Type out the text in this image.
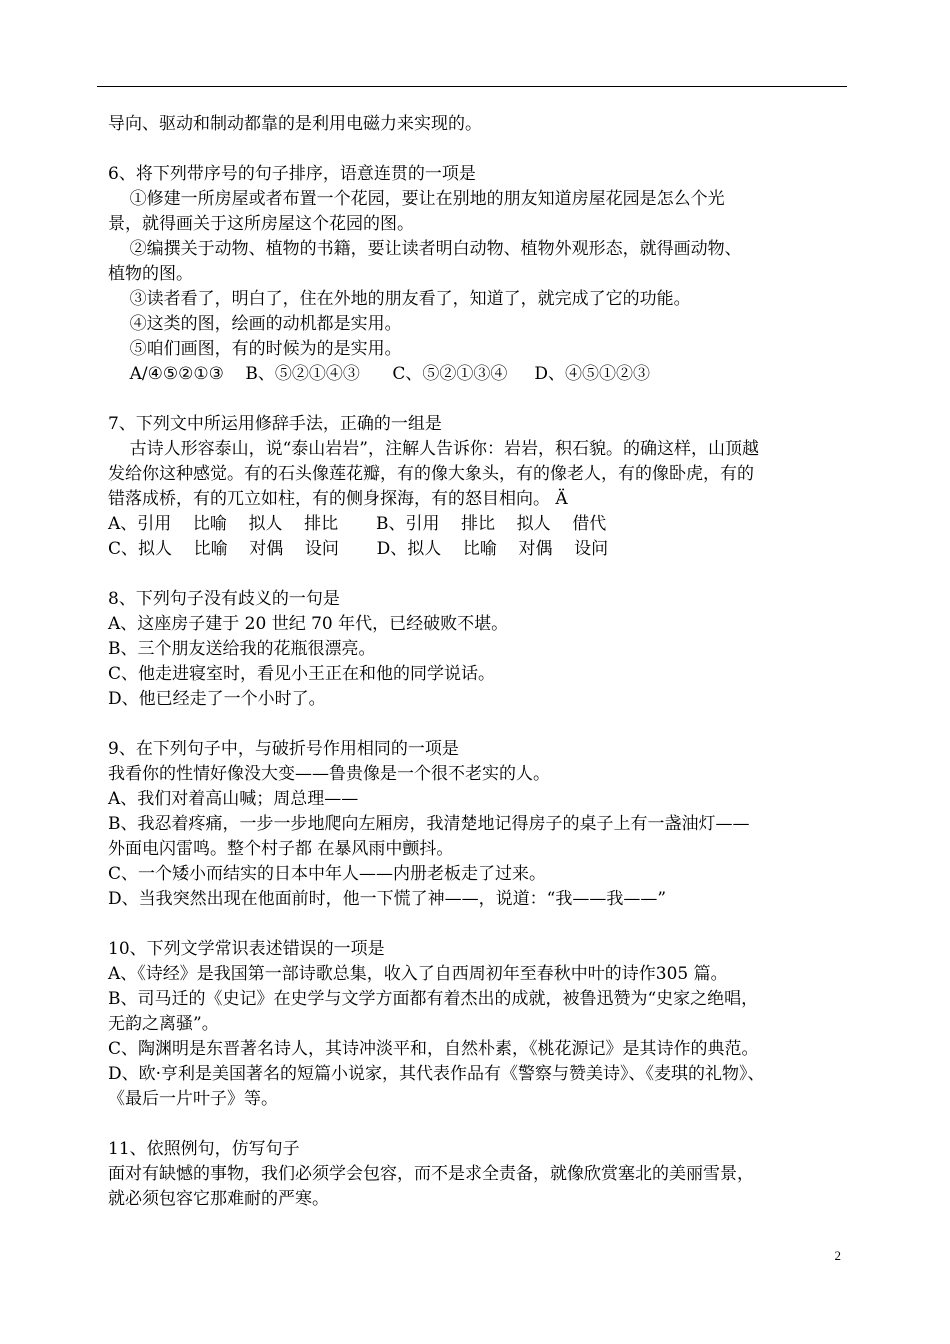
导向、驱动和制动都靠的是利用电磁力来实现的。
6、将下列带序号的句子排序，语意连贯的一项是
①修建一所房屋或者布置一个花园，要让在别地的朋友知道房屋花园是怎么个光
景，就得画关于这所房屋这个花园的图。
②编撰关于动物、植物的书籍，要让读者明白动物、植物外观形态，就得画动物、
植物的图。
③读者看了，明白了，住在外地的朋友看了，知道了，就完成了它的功能。
④这类的图，绘画的动机都是实用。
⑤咱们画图，有的时候为的是实用。
A/④⑤②①③    B、⑤②①④③      C、⑤②①③④     D、④⑤①②③
7、下列文中所运用修辞手法，正确的一组是
古诗人形容泰山，说“泰山岩岩”，注解人告诉你：岩岩，积石貌。的确这样，山顶越
发给你这种感觉。有的石头像莲花瓣，有的像大象头，有的像老人，有的像卧虎，有的
错落成桥，有的兀立如柱，有的侧身探海，有的怒目相向。 Ä
A、引用    比喻    拟人    排比       B、引用    排比    拟人    借代
C、拟人    比喻    对偶    设问       D、拟人    比喻    对偶    设问
8、下列句子没有歧义的一句是
A、这座房子建于 20 世纪 70 年代，已经破败不堪。
B、三个朋友送给我的花瓶很漂亮。
C、他走进寝室时，看见小王正在和他的同学说话。
D、他已经走了一个小时了。
9、在下列句子中，与破折号作用相同的一项是
我看你的性情好像没大变——鲁贵像是一个很不老实的人。
A、我们对着高山喊；周总理——
B、我忍着疼痛，一步一步地爬向左厢房，我清楚地记得房子的桌子上有一盏油灯——
外面电闪雷鸣。整个村子都 在暴风雨中颤抖。
C、一个矮小而结实的日本中年人——内册老板走了过来。
D、当我突然出现在他面前时，他一下慌了神——，说道：“我——我——”
10、下列文学常识表述错误的一项是
A、《诗经》是我国第一部诗歌总集，收入了自西周初年至春秋中叶的诗作305 篇。
B、司马迁的《史记》在史学与文学方面都有着杰出的成就，被鲁迅赞为“史家之绝唱，
无韵之离骚”。
C、陶渊明是东晋著名诗人，其诗冲淡平和，自然朴素，《桃花源记》是其诗作的典范。
D、欧·亨利是美国著名的短篇小说家，其代表作品有《警察与赞美诗》、《麦琪的礼物》、
《最后一片叶子》等。
11、依照例句，仿写句子
面对有缺憾的事物，我们必须学会包容，而不是求全责备，就像欣赏塞北的美丽雪景，
就必须包容它那难耐的严寒。
2
